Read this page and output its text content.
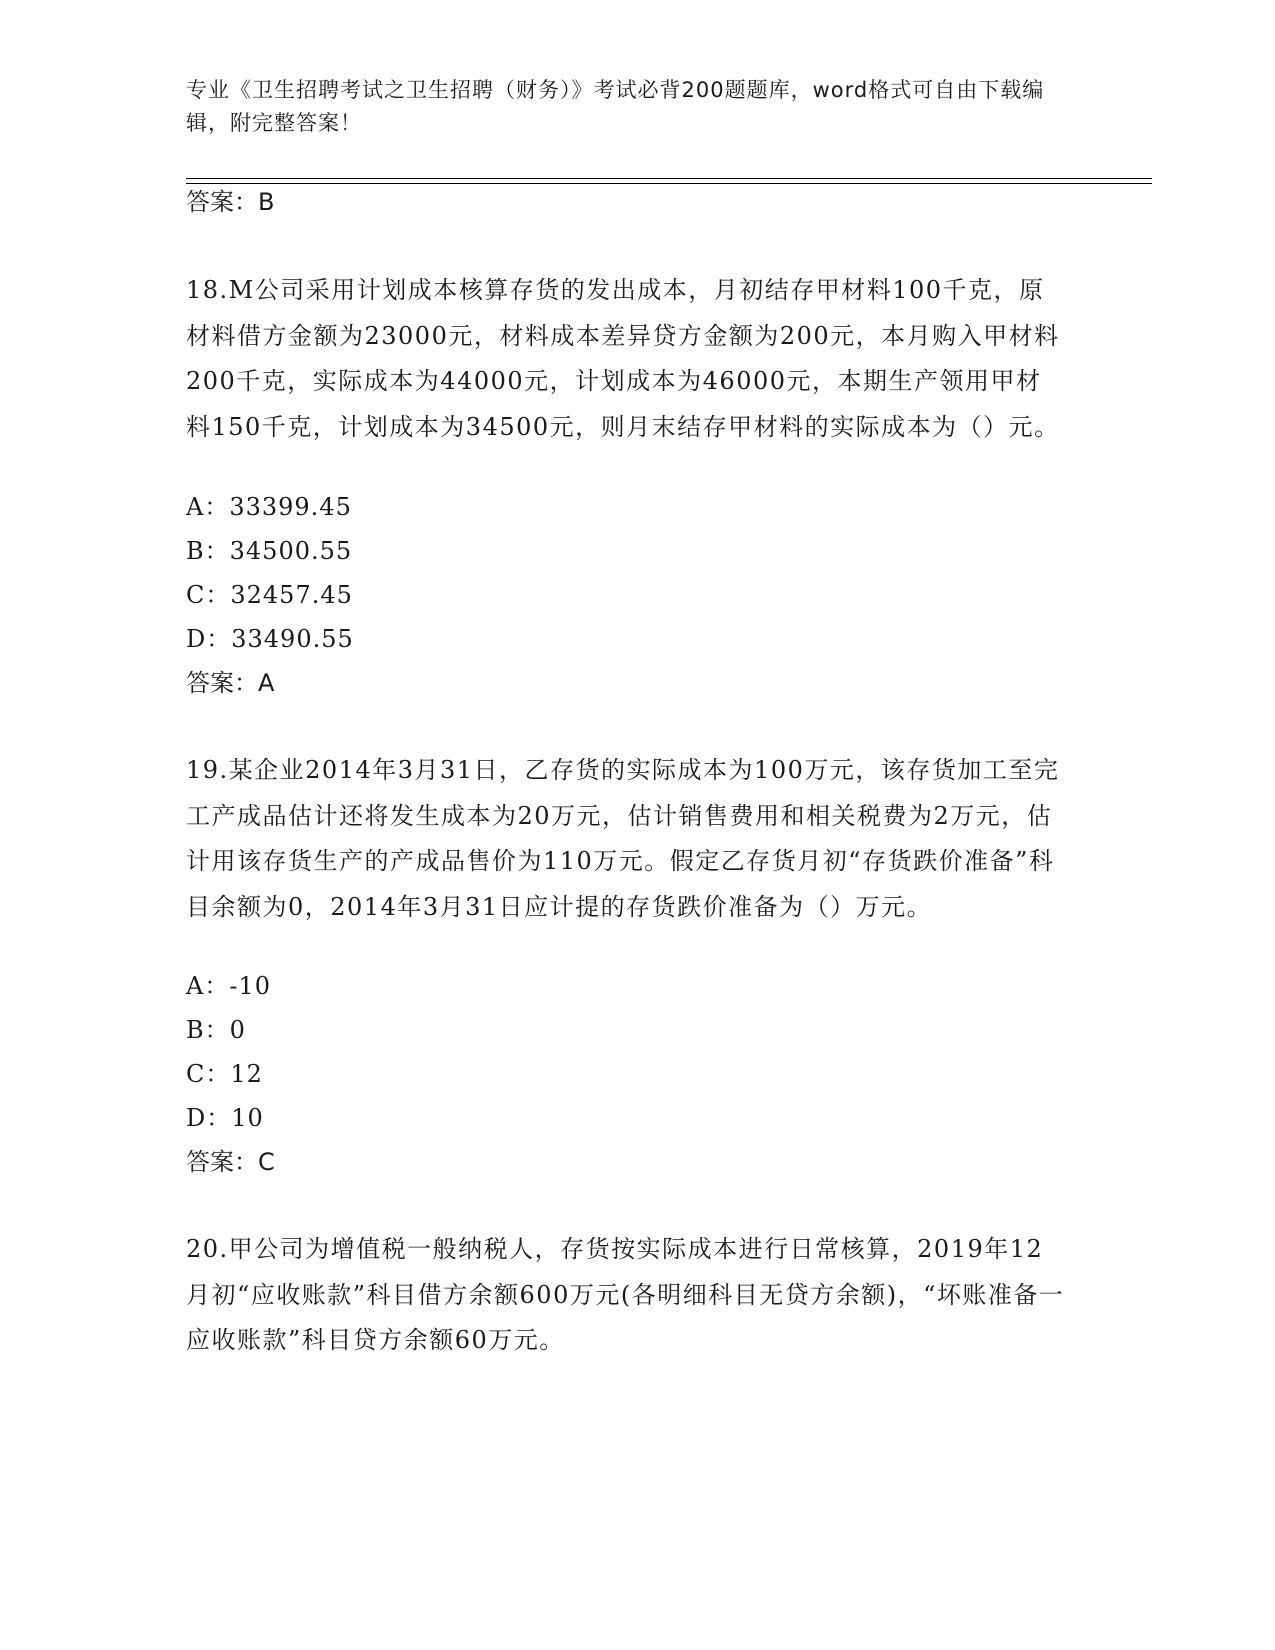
专业《卫生招聘考试之卫生招聘（财务）》考试必背200题题库，word格式可自由下载编辑，附完整答案！
答案：B
18.M公司采用计划成本核算存货的发出成本，月初结存甲材料100千克，原材料借方金额为23000元，材料成本差异贷方金额为200元，本月购入甲材料200千克，实际成本为44000元，计划成本为46000元，本期生产领用甲材料150千克，计划成本为34500元，则月末结存甲材料的实际成本为（）元。
A：33399.45
B：34500.55
C：32457.45
D：33490.55
答案：A
19.某企业2014年3月31日，乙存货的实际成本为100万元，该存货加工至完工产成品估计还将发生成本为20万元，估计销售费用和相关税费为2万元，估计用该存货生产的产成品售价为110万元。假定乙存货月初“存货跌价准备”科目余额为0，2014年3月31日应计提的存货跌价准备为（）万元。
A：-10
B：0
C：12
D：10
答案：C
20.甲公司为增值税一般纳税人，存货按实际成本进行日常核算，2019年12月初“应收账款”科目借方余额600万元(各明细科目无贷方余额)，“坏账准备一应收账款”科目贷方余额60万元。
